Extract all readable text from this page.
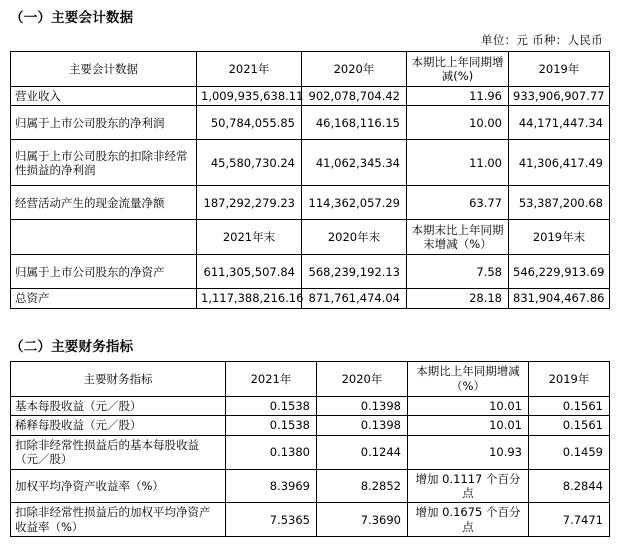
（一）主要会计数据
单位：元 币种：人民币
主要会计数据	2021年	2020年	本期比上年同期增减(%)	2019年
营业收入	1,009,935,638.11	902,078,704.42	11.96	933,906,907.77
归属于上市公司股东的净利润	50,784,055.85	46,168,116.15	10.00	44,171,447.34
归属于上市公司股东的扣除非经常性损益的净利润	45,580,730.24	41,062,345.34	11.00	41,306,417.49
经营活动产生的现金流量净额	187,292,279.23	114,362,057.29	63.77	53,387,200.68
	2021年末	2020年末	本期末比上年同期末增减（%）	2019年末
归属于上市公司股东的净资产	611,305,507.84	568,239,192.13	7.58	546,229,913.69
总资产	1,117,388,216.16	871,761,474.04	28.18	831,904,467.86
（二）主要财务指标
主要财务指标	2021年	2020年	本期比上年同期增减（%）	2019年
基本每股收益（元／股）	0.1538	0.1398	10.01	0.1561
稀释每股收益（元／股）	0.1538	0.1398	10.01	0.1561
扣除非经常性损益后的基本每股收益（元／股）	0.1380	0.1244	10.93	0.1459
加权平均净资产收益率（%）	8.3969	8.2852	增加 0.1117 个百分点	8.2844
扣除非经常性损益后的加权平均净资产收益率（%）	7.5365	7.3690	增加 0.1675 个百分点	7.7471
